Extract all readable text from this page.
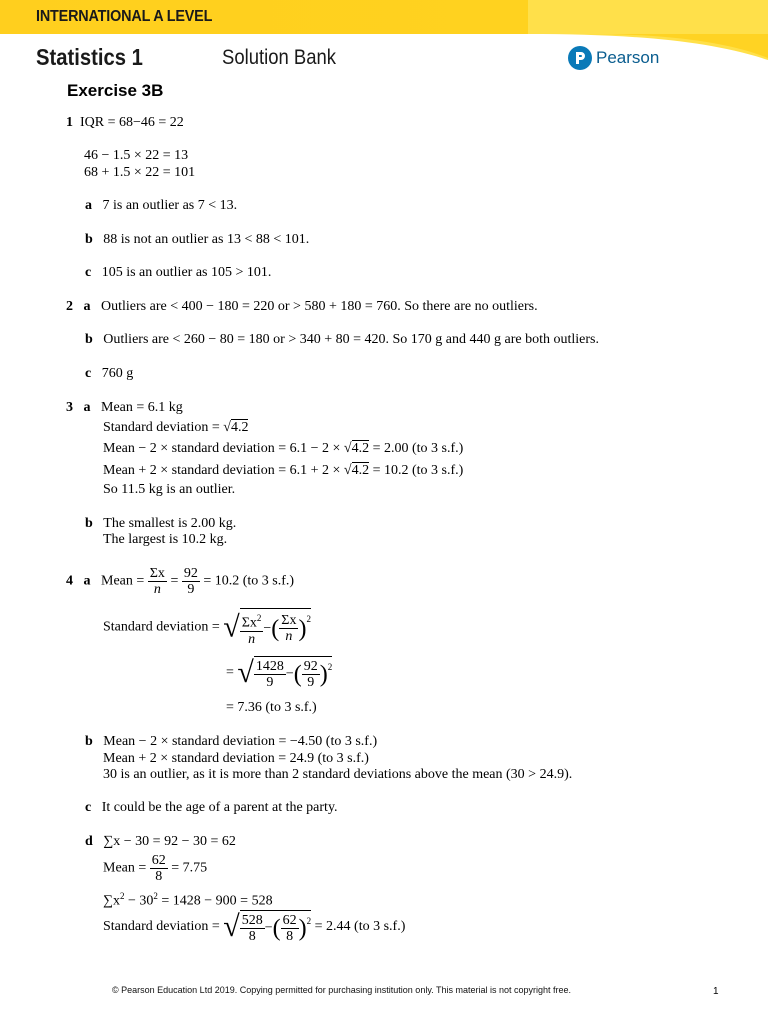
INTERNATIONAL A LEVEL

Statistics 1	Solution Bank	Pearson

Exercise 3B

1 IQR = 68−46 = 22

46 − 1.5 × 22 = 13

68 + 1.5 × 22 = 101

a 7 is an outlier as 7 < 13.

b 88 is not an outlier as 13 < 88 < 101.

c 105 is an outlier as 105 > 101.

2 a Outliers are < 400 − 180 = 220 or > 580 + 180 = 760. So there are no outliers.

b Outliers are < 260 − 80 = 180 or > 340 + 80 = 420. So 170 g and 440 g are both outliers.

c 760 g

3 a Mean = 6.1 kg

Standard deviation = √4.2

Mean − 2 × standard deviation = 6.1 − 2 × √4.2 = 2.00 (to 3 s.f.)

Mean + 2 × standard deviation = 6.1 + 2 × √4.2 = 10.2 (to 3 s.f.)

So 11.5 kg is an outlier.

b The smallest is 2.00 kg.

The largest is 10.2 kg.

4 a Mean = $\frac{\Sigma x}{n} = \frac{92}{9} = 10.2$ (to 3 s.f.)
Standard deviation = √ $\frac{\Sigma x^2}{n}$ −( $\frac{\Sigma x}{n} )^2$
= √ $\frac{1428}{9}$ −( $\frac{92}{9} )^2$

= 7.36 (to 3 s.f.)

b Mean − 2 × standard deviation = −4.50 (to 3 s.f.)

Mean + 2 × standard deviation = 24.9 (to 3 s.f.)

30 is an outlier, as it is more than 2 standard deviations above the mean (30 > 24.9).

c It could be the age of a parent at the party.

d ∑x − 30 = 92 − 30 = 62

Mean = $\frac{62}{8} = 7.75$

$\sum x^2 - 30^2 = 1428 - 900 = 528$

Standard deviation = √ $\frac{528}{8}$ −( $\frac{62}{8} )^2 = 2.44$ (to 3 s.f.)

© Pearson Education Ltd 2019. Copying permitted for purchasing institution only. This material is not copyright free.	1
